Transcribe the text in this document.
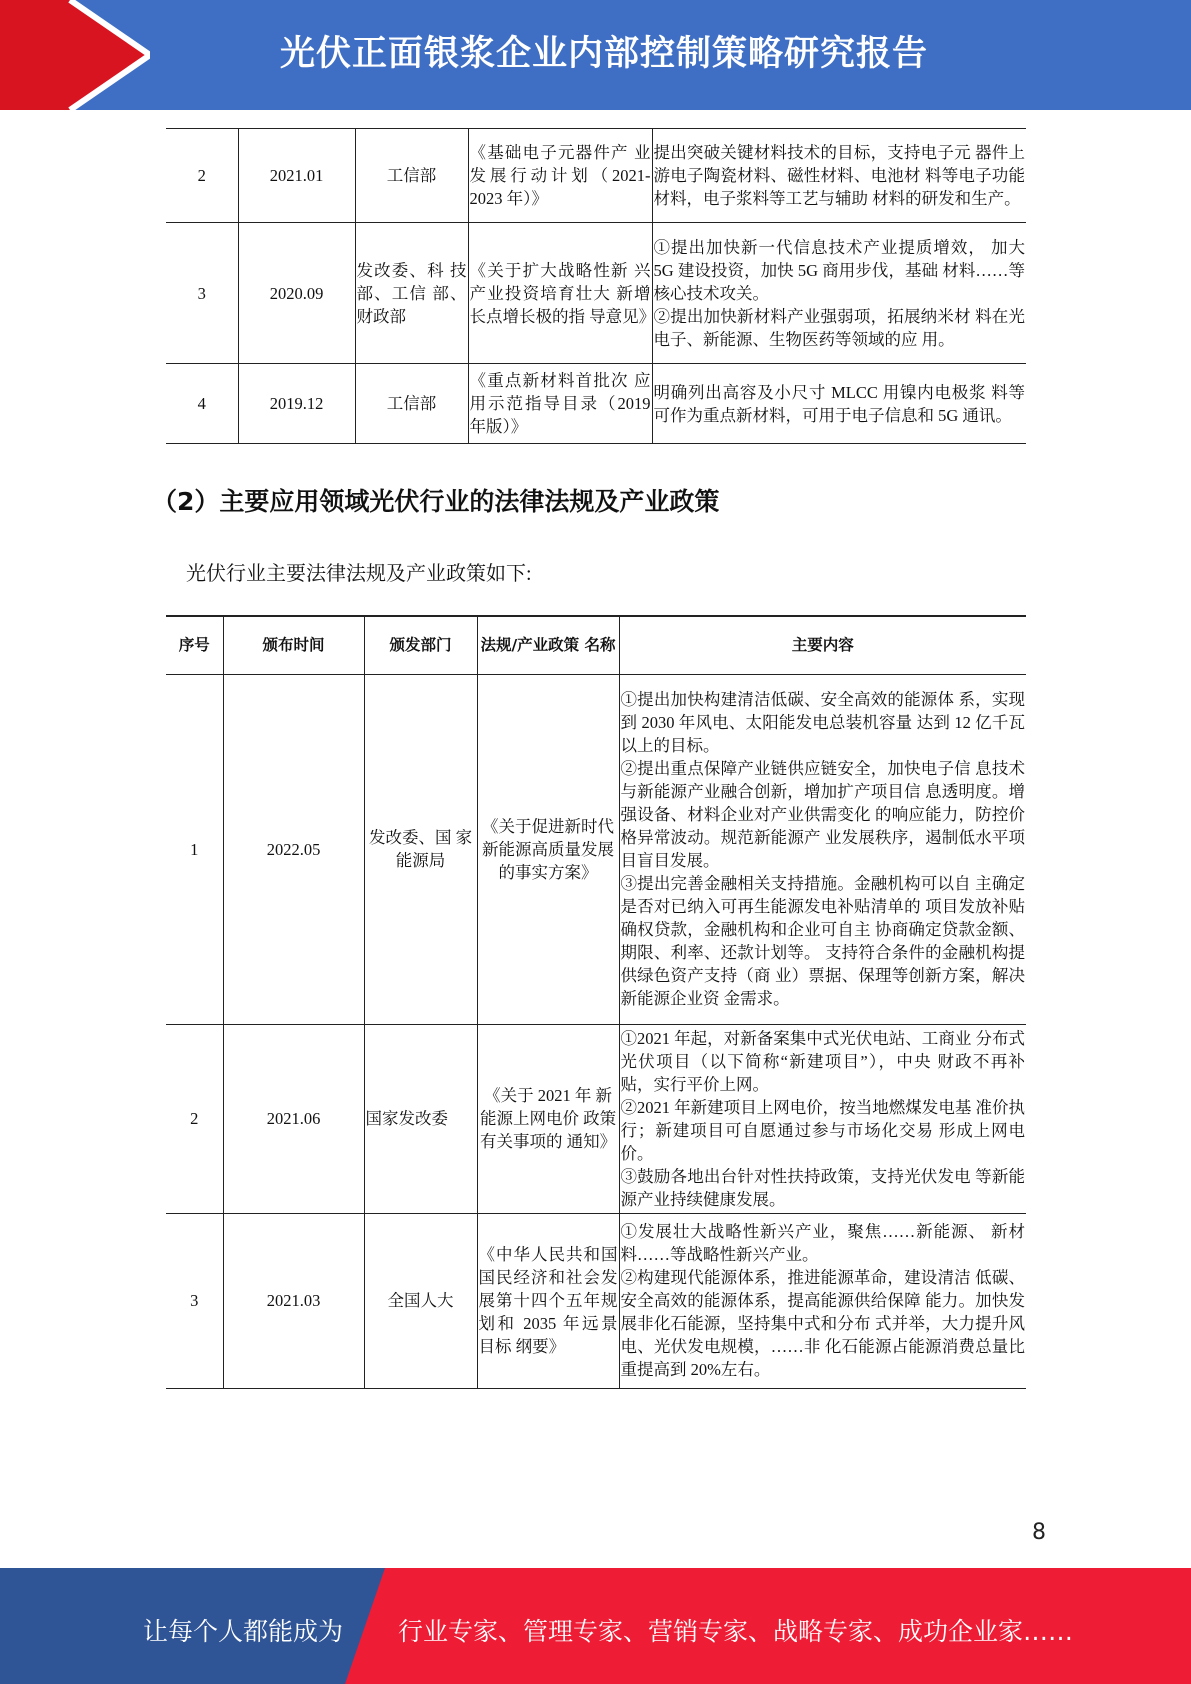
光伏正面银浆企业内部控制策略研究报告
2	2021.01	工信部	《基础电子元器件产 业发展行动计划（2021-2023 年）》	提出突破关键材料技术的目标，支持电子元 器件上游电子陶瓷材料、磁性材料、电池材 料等电子功能材料，电子浆料等工艺与辅助 材料的研发和生产。
3	2020.09	发改委、科 技部、工信 部、财政部	《关于扩大战略性新 兴产业投资培育壮大 新增长点增长极的指 导意见》	①提出加快新一代信息技术产业提质增效， 加大 5G 建设投资，加快 5G 商用步伐，基础 材料……等核心技术攻关。
②提出加快新材料产业强弱项，拓展纳米材 料在光电子、新能源、生物医药等领域的应 用。
4	2019.12	工信部	《重点新材料首批次 应用示范指导目录（2019 年版）》	明确列出高容及小尺寸 MLCC 用镍内电极浆 料等可作为重点新材料，可用于电子信息和 5G 通讯。
（2）主要应用领域光伏行业的法律法规及产业政策
光伏行业主要法律法规及产业政策如下:
序号	颁布时间	颁发部门	法规/产业政策 名称	主要内容
1	2022.05	发改委、国 家能源局	《关于促进新时代新能源高质量发展的事实方案》	①提出加快构建清洁低碳、安全高效的能源体 系，实现到 2030 年风电、太阳能发电总装机容量 达到 12 亿千瓦以上的目标。
②提出重点保障产业链供应链安全，加快电子信 息技术与新能源产业融合创新，增加扩产项目信 息透明度。增强设备、材料企业对产业供需变化 的响应能力，防控价格异常波动。规范新能源产 业发展秩序，遏制低水平项目盲目发展。
③提出完善金融相关支持措施。金融机构可以自 主确定是否对已纳入可再生能源发电补贴清单的 项目发放补贴确权贷款，金融机构和企业可自主 协商确定贷款金额、期限、利率、还款计划等。 支持符合条件的金融机构提供绿色资产支持（商 业）票据、保理等创新方案，解决新能源企业资 金需求。
2	2021.06	国家发改委	《关于 2021 年 新能源上网电价 政策有关事项的 通知》	①2021 年起，对新备案集中式光伏电站、工商业 分布式光伏项目（以下简称“新建项目”），中央 财政不再补贴，实行平价上网。
②2021 年新建项目上网电价，按当地燃煤发电基 准价执行；新建项目可自愿通过参与市场化交易 形成上网电价。
③鼓励各地出台针对性扶持政策，支持光伏发电 等新能源产业持续健康发展。
3	2021.03	全国人大	《中华人民共和国国民经济和社会发展第十四个五年规划和 2035 年远景目标 纲要》	①发展壮大战略性新兴产业，聚焦……新能源、 新材料……等战略性新兴产业。
②构建现代能源体系，推进能源革命，建设清洁 低碳、安全高效的能源体系，提高能源供给保障 能力。加快发展非化石能源，坚持集中式和分布 式并举，大力提升风电、光伏发电规模，……非 化石能源占能源消费总量比重提高到 20%左右。
8
让每个人都能成为 行业专家、管理专家、营销专家、战略专家、成功企业家……
